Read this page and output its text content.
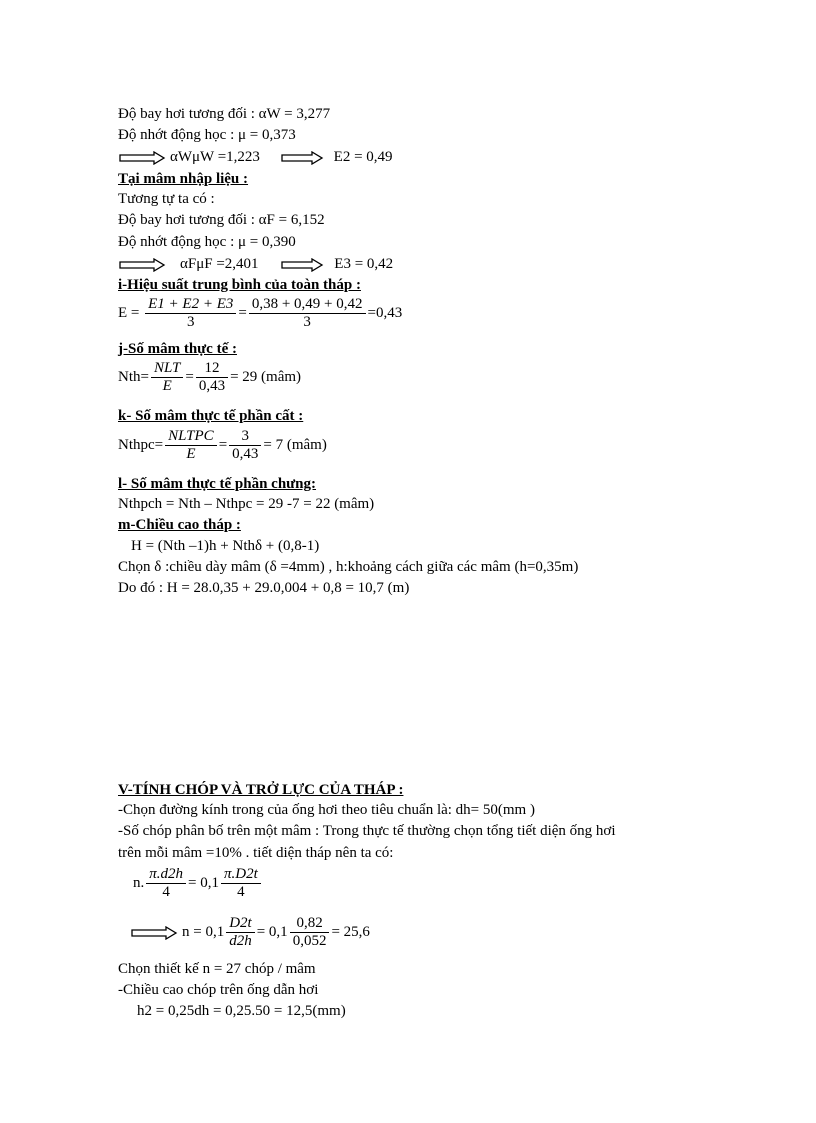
Độ bay hơi tương đối : αW = 3,277
Độ nhớt động học : μ = 0,373
αWμW =1,223	E2 = 0,49
Tại mâm nhập liệu :
Tương tự ta có :
Độ bay hơi tương đối : αF = 6,152
Độ nhớt động học : μ = 0,390
αFμF =2,401	E3 = 0,42
i-Hiệu suất trung bình của toàn tháp :
$E = \frac{E1 + E2 + E3}{3} = \frac{0,38 + 0,49 + 0,42}{3} =0,43$
j-Số mâm thực tế :
$Nth= \frac{\text{NLT}}{E} = \frac{12}{0,43} = 29$ (mâm)
k- Số mâm thực tế phần cất :
Nthpc= $\frac{\text{NLTPC}}{E} = \frac{3}{0,43} = 7$ (mâm)
l- Số mâm thực tế phần chưng:
Nthpch = Nth – Nthpc = 29 -7 = 22 (mâm)
m-Chiều cao tháp :
H = (Nth –1)h + Nthδ + (0,8-1)
Chọn δ :chiều dày mâm (δ =4mm) , h:khoảng cách giữa các mâm (h=0,35m)
Do đó : H = 28.0,35 + 29.0,004 + 0,8 = 10,7 (m)
V-TÍNH CHÓP VÀ TRỞ LỰC CỦA THÁP :
-Chọn đường kính trong của ống hơi theo tiêu chuẩn là: dh= 50(mm )
-Số chóp phân bố trên một mâm : Trong thực tế thường chọn tổng tiết diện ống hơi
trên mỗi mâm =10% . tiết diện tháp nên ta có:
n. $\frac{\pi.d2h}{4} = 0,1 \frac{\pi.D2t}{4}$
$n = 0,1 \frac{D2t}{d2h} = 0,1 \frac{0,82}{0,052} = 25,6$
Chọn thiết kế n = 27 chóp / mâm
-Chiều cao chóp trên ống dẫn hơi
h2 = 0,25dh = 0,25.50 = 12,5(mm)
